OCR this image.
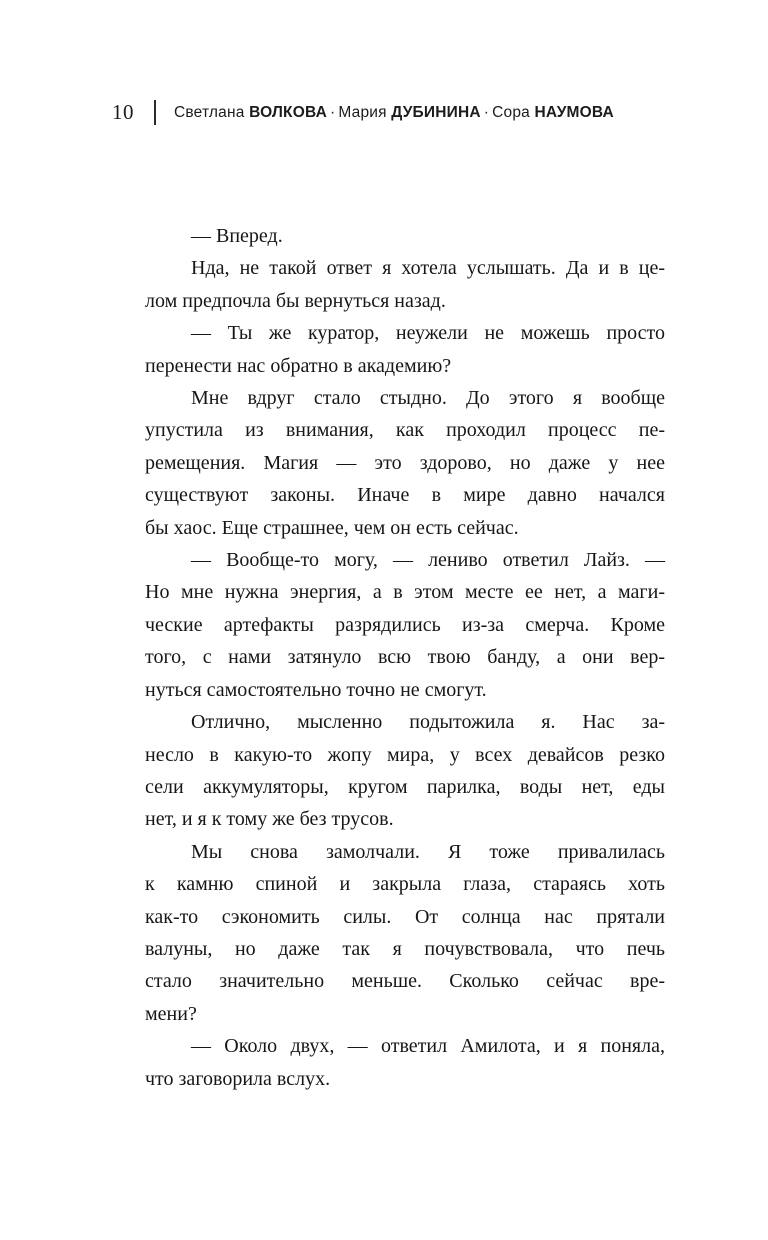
10	Светлана ВОЛКОВА · Мария ДУБИНИНА · Сора НАУМОВА
— Вперед.
Нда, не такой ответ я хотела услышать. Да и в це-
лом предпочла бы вернуться назад.
— Ты же куратор, неужели не можешь просто
перенести нас обратно в академию?
Мне вдруг стало стыдно. До этого я вообще
упустила из внимания, как проходил процесс пе-
ремещения. Магия — это здорово, но даже у нее
существуют законы. Иначе в мире давно начался
бы хаос. Еще страшнее, чем он есть сейчас.
— Вообще-то могу, — лениво ответил Лайз. —
Но мне нужна энергия, а в этом месте ее нет, а маги-
ческие артефакты разрядились из-за смерча. Кроме
того, с нами затянуло всю твою банду, а они вер-
нуться самостоятельно точно не смогут.
Отлично, мысленно подытожила я. Нас за-
несло в какую-то жопу мира, у всех девайсов резко
сели аккумуляторы, кругом парилка, воды нет, еды
нет, и я к тому же без трусов.
Мы снова замолчали. Я тоже привалилась
к камню спиной и закрыла глаза, стараясь хоть
как-то сэкономить силы. От солнца нас прятали
валуны, но даже так я почувствовала, что печь
стало значительно меньше. Сколько сейчас вре-
мени?
— Около двух, — ответил Амилота, и я поняла,
что заговорила вслух.
